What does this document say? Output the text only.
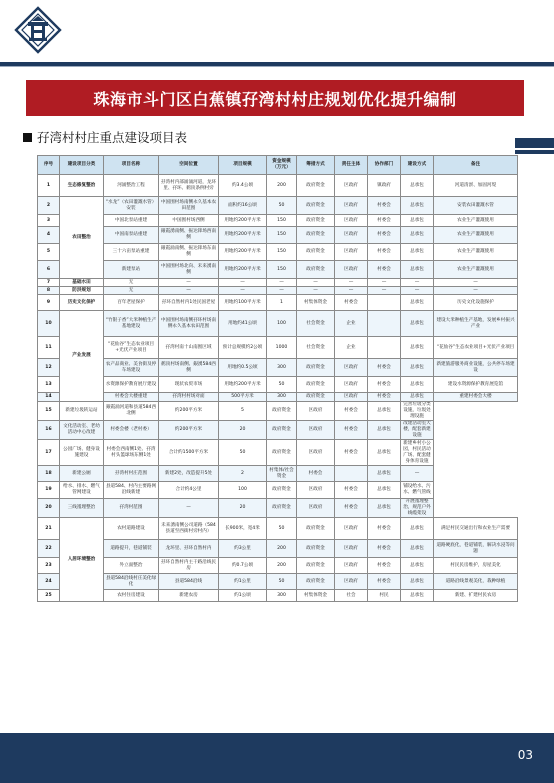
珠海市斗门区白蕉镇孖湾村村庄规划优化提升编制
孖湾村村庄重点建设项目表
序号	建设项目分类	项目名称	空间位置	项目规模	资金规模（万元）	筹措方式	责任主体	协作部门	建设方式	备注
1	生态修复整治	河涌整治工程	孖湾村内部涌涌河道，龙环里、孖环、鹤顶条例村旁	约3.4公顷	200	政府资金	区政府	镇政府	总承包	河道清淤、加固河堤
2	农田整治	“水龙”（农田灌溉水管）安装	中国围村场南侧永久基本农田范围	面积约16公顷	50	政府资金	区政府	村委会	总承包	安装农田灌溉水管
3		中国北泵站重建	中国围村场西侧	用地约200平方米	150	政府资金	区政府	村委会	总承包	农业生产灌溉使用
4		中国南泵站重建	銀霞湧南侧、振达锋场西南侧	用地约200平方米	150	政府资金	区政府	村委会	总承包	农业生产灌溉使用
5		三十六亩泵站重建	銀霞涌南侧、振达锋场东南侧	用地约200平方米	150	政府资金	区政府	村委会	总承包	农业生产灌溉使用
6		新建泵站	中国围村场北向、未来湧南侧	用地约200平方米	150	政府资金	区政府	村委会	总承包	农业生产灌溉使用
7	基础水田	无	—	—	—	—	—	—	—	—
8	防洪规划	无	—	—	—	—	—	—	—	—
9	历史文化保护	百年老屋保护	孖环自然村内1处民国老屋	用地约100平方米	1	村集体资金	村委会		总承包	历史文化设施保护
10	产业发展	“竹银子香”大米种植生产基地建设	中国围村场南侧孖环村场南侧永久基本农田范围	用地约41公顷	100	社会资金	企业		总承包	建设大米种植生产基地，发展乡村振兴产业
11		“花仙谷”生态农业项目+光伏产业项目	孖湾村南十山南围区域	预计总规模约2公顷	1000	社会资金	企业		总承包	“花仙谷”生态农业项目+光伏产业项目
12		农产品商业、美食街及停车场建设	鹤顶村场南侧、銀湧584西侧	用地约0.5公顷	300	政府资金	区政府	村委会	总承包	新建旅游服务商业设施，公共停车场建设
13		水资源保护教育展厅建设	现状农贸市场	用地约200平方米	50	政府资金	区政府	村委会	总承包	建设水资源保护教育展览馆
14		村委会大楼重建	孖湾村村场对面	500平方米	300	政府资金	区政府	村委会	总承包	重建村委会大楼
15	新建垃圾转运站	銀霞涌河道和县道584西北侧	约200平方米	5	政府资金	区政府	村委会	总承包	完善垃圾分类设施，垃圾处理设施	
16	文化活动室、老幼活动中心改建	村委会楼（老村委）	约200平方米	20	政府资金	区政府	村委会	总承包	改建活动室大楼，配套新建设施	
17	公园广场、健身设施建设	村委会西南侧1处、孖湾村头篮球场东侧1处	合计约1500平方米	50	政府资金	区政府	村委会	总承包	新建乡村小公园，村民活动广场、配套健身体育设施	
18	新建公厕	孖湾村村庄范围	新建2处，改造提升5处	2	村集体/社会资金	村委会		总承包	—	
19	给水、排水、燃气管网建设	县道584、村内主要路网沿线新建	合计约4公里	100	政府资金	区政府	村委会	总承包	铺设给水、污水、燃气管线	
20	三线遁理整治	孖湾村范围	—	20	政府资金	区政府	村委会	总承包	开展遁理整治，规范户外线缆架设	
21	人居环境整治	农村道路建设	未来湧南侧公司道路（584县道至西街村旁村内）	长900米，宽4米	50	政府资金	区政府	村委会	总承包	满足村民交通出行和农业生产需要
22		道路提升，巷道铺装	龙环里、孖环自然村内	约3公里	200	政府资金	区政府	村委会	总承包	道路硬底化，巷道铺装，解决水浸等问题
23		外立面整治	孖环自然村内主干路沿线民房	约0.7公顷	200	政府资金	区政府	村委会	总承包	村民民房维护，房屋美化
24		县道584沿线村庄美化绿化	县道584沿线	约1公里	50	政府资金	区政府	村委会	总承包	道路沿线景观美化，栽种绿植
25		农村住房建设	新建农房	约1公顷	300	村集体资金	社会	村民	总承包	新建、扩建村民农房
03
